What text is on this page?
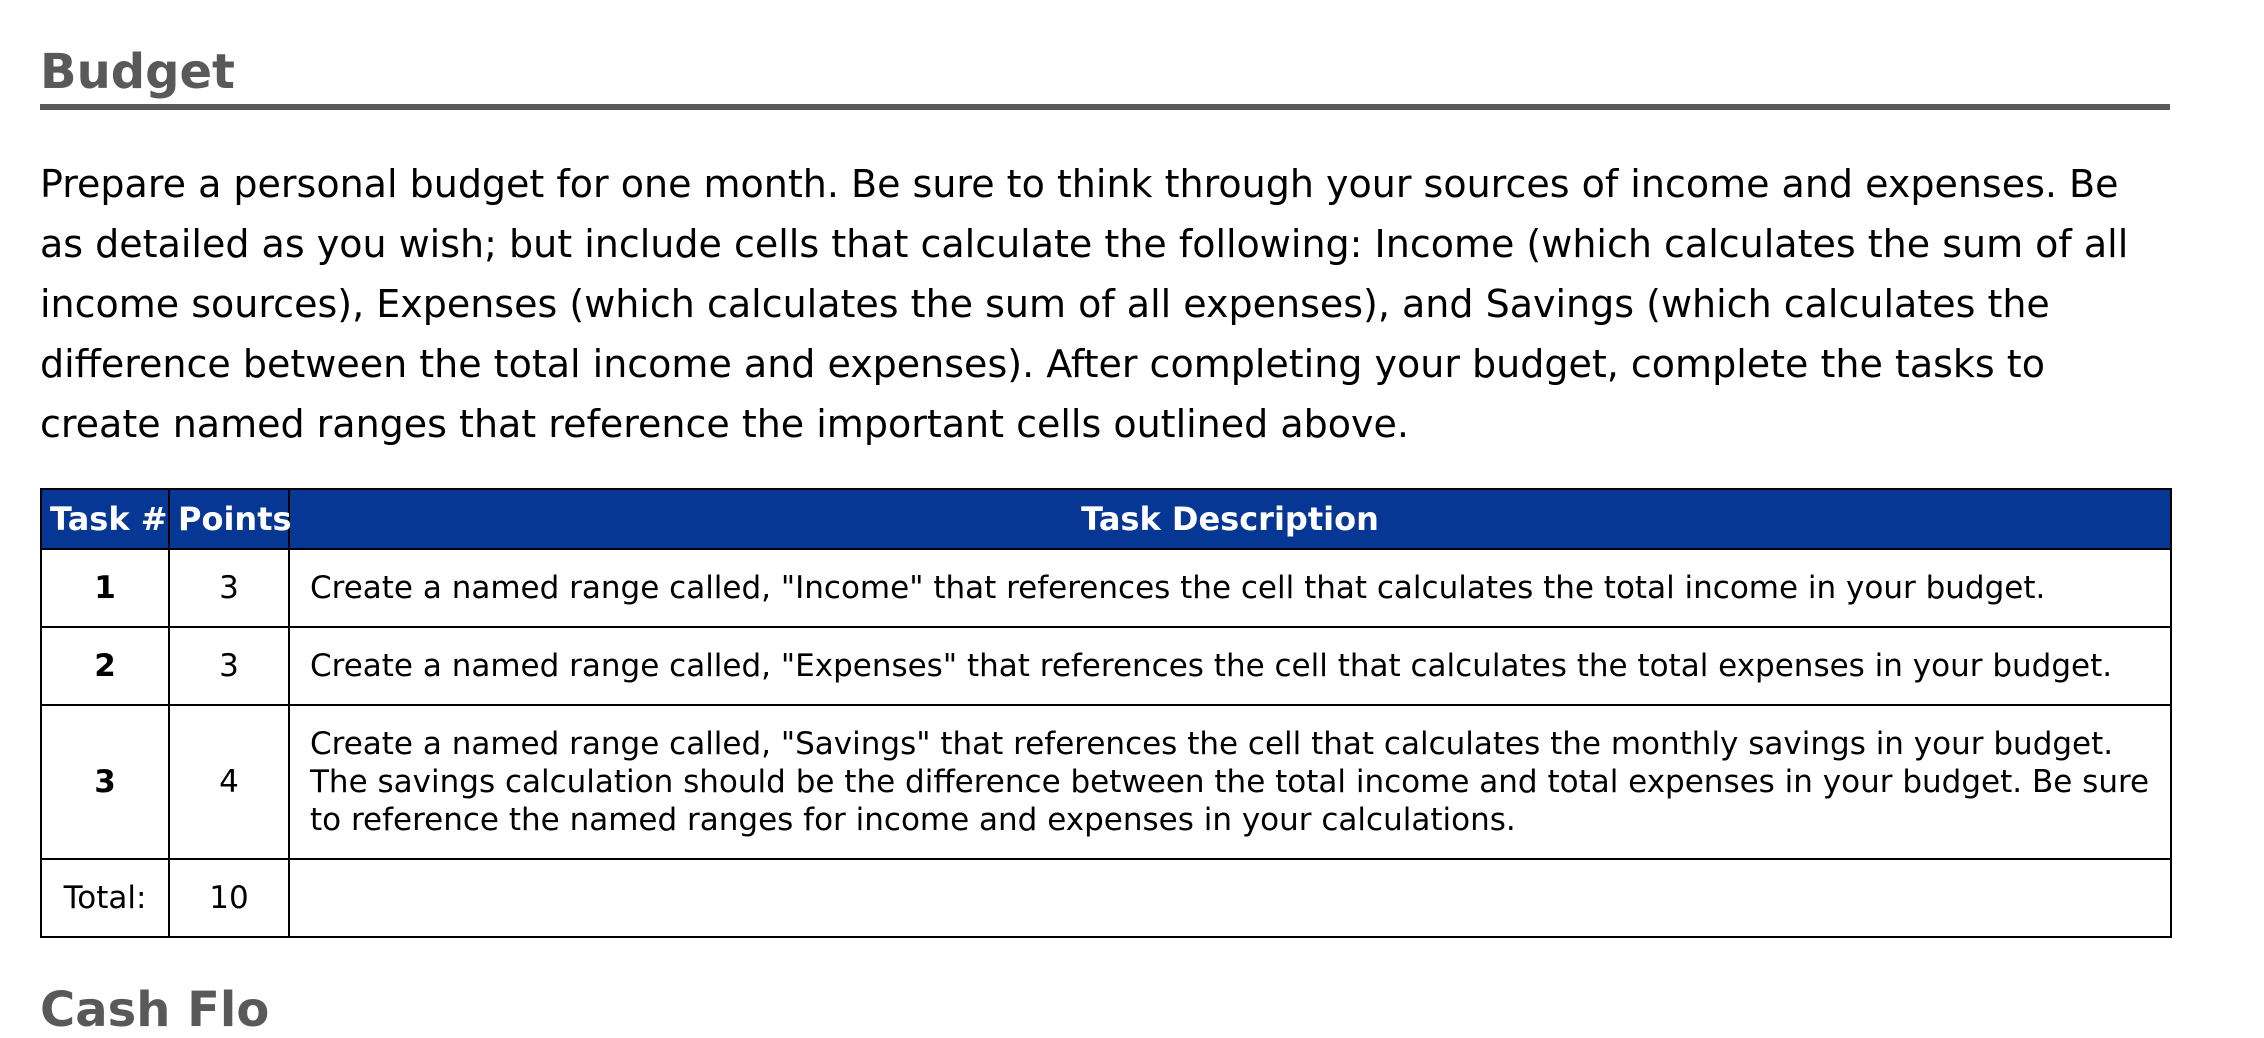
Budget

Prepare a personal budget for one month. Be sure to think through your sources of income and expenses. Be as detailed as you wish; but include cells that calculate the following: Income (which calculates the sum of all income sources), Expenses (which calculates the sum of all expenses), and Savings (which calculates the difference between the total income and expenses). After completing your budget, complete the tasks to create named ranges that reference the important cells outlined above.

Task #	Points	Task Description
1	3	Create a named range called, "Income" that references the cell that calculates the total income in your budget.
2	3	Create a named range called, "Expenses" that references the cell that calculates the total expenses in your budget.
3	4	Create a named range called, "Savings" that references the cell that calculates the monthly savings in your budget. The savings calculation should be the difference between the total income and total expenses in your budget. Be sure to reference the named ranges for income and expenses in your calculations.
Total:	10	
Cash Flo
